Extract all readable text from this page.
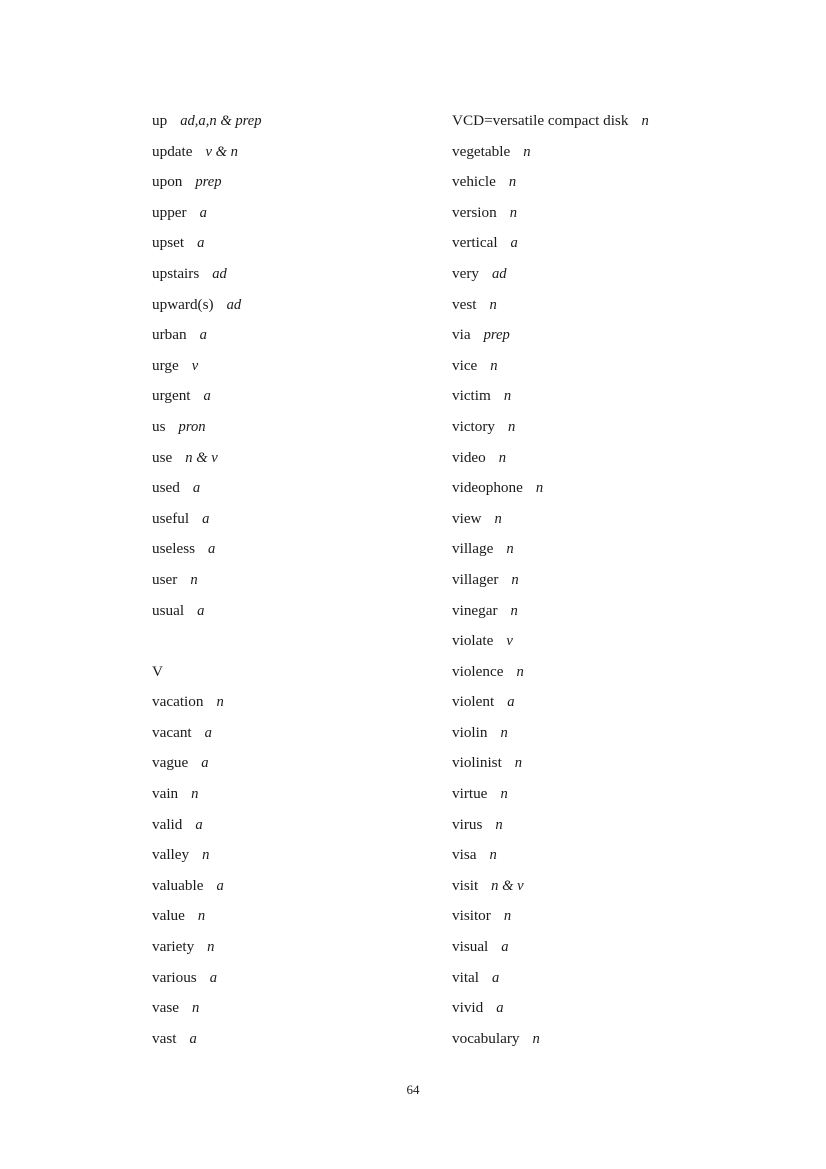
up ad,a,n & prep
update v & n
upon prep
upper a
upset a
upstairs ad
upward(s) ad
urban a
urge v
urgent a
us pron
use n & v
used a
useful a
useless a
user n
usual a
V
vacation n
vacant a
vague a
vain n
valid a
valley n
valuable a
value n
variety n
various a
vase n
vast a
VCD=versatile compact disk n
vegetable n
vehicle n
version n
vertical a
very ad
vest n
via prep
vice n
victim n
victory n
video n
videophone n
view n
village n
villager n
vinegar n
violate v
violence n
violent a
violin n
violinist n
virtue n
virus n
visa n
visit n & v
visitor n
visual a
vital a
vivid a
vocabulary n
64
